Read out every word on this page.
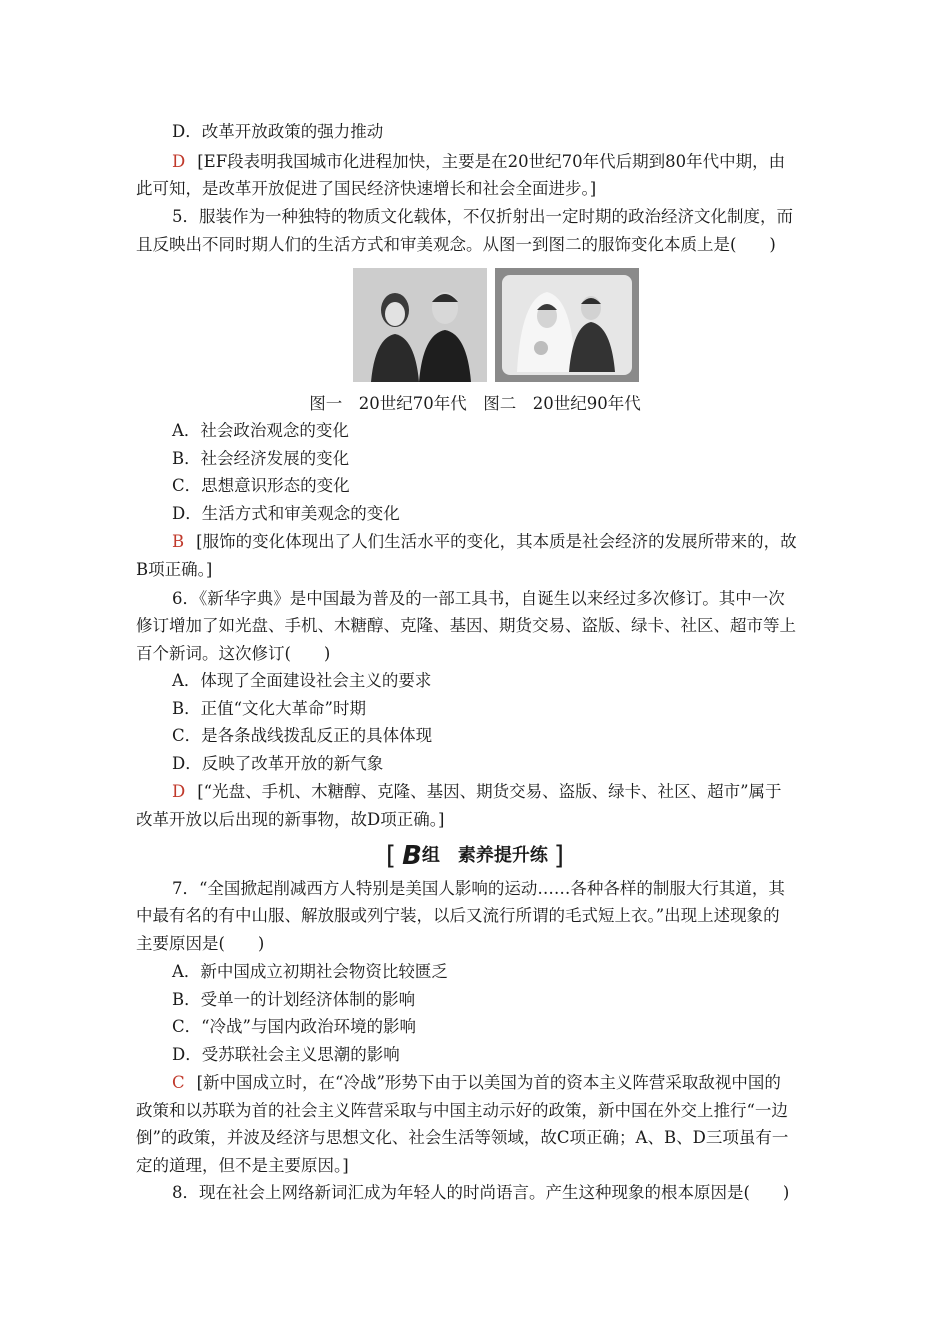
D．改革开放政策的强力推动
D [EF段表明我国城市化进程加快，主要是在20世纪70年代后期到80年代中期，由
此可知，是改革开放促进了国民经济快速增长和社会全面进步。]
5．服装作为一种独特的物质文化载体，不仅折射出一定时期的政治经济文化制度，而
且反映出不同时期人们的生活方式和审美观念。从图一到图二的服饰变化本质上是(　　)
A．社会政治观念的变化
B．社会经济发展的变化
C．思想意识形态的变化
D．生活方式和审美观念的变化
B [服饰的变化体现出了人们生活水平的变化，其本质是社会经济的发展所带来的，故
B项正确。]
6．《新华字典》是中国最为普及的一部工具书，自诞生以来经过多次修订。其中一次
修订增加了如光盘、手机、木糖醇、克隆、基因、期货交易、盗版、绿卡、社区、超市等上
百个新词。这次修订(　　)
A．体现了全面建设社会主义的要求
B．正值“文化大革命”时期
C．是各条战线拨乱反正的具体体现
D．反映了改革开放的新气象
D [“光盘、手机、木糖醇、克隆、基因、期货交易、盗版、绿卡、社区、超市”属于
改革开放以后出现的新事物，故D项正确。]
7．“全国掀起削减西方人特别是美国人影响的运动……各种各样的制服大行其道，其
中最有名的有中山服、解放服或列宁装，以后又流行所谓的毛式短上衣。”出现上述现象的
主要原因是(　　)
A．新中国成立初期社会物资比较匮乏
B．受单一的计划经济体制的影响
C．“冷战”与国内政治环境的影响
D．受苏联社会主义思潮的影响
C [新中国成立时，在“冷战”形势下由于以美国为首的资本主义阵营采取敌视中国的
政策和以苏联为首的社会主义阵营采取与中国主动示好的政策，新中国在外交上推行“一边
倒”的政策，并波及经济与思想文化、社会生活等领域，故C项正确；A、B、D三项虽有一
定的道理，但不是主要原因。]
8．现在社会上网络新词汇成为年轻人的时尚语言。产生这种现象的根本原因是(　　)
图一　20世纪70年代　图二　20世纪90年代
[ B组　素养提升练 ]
